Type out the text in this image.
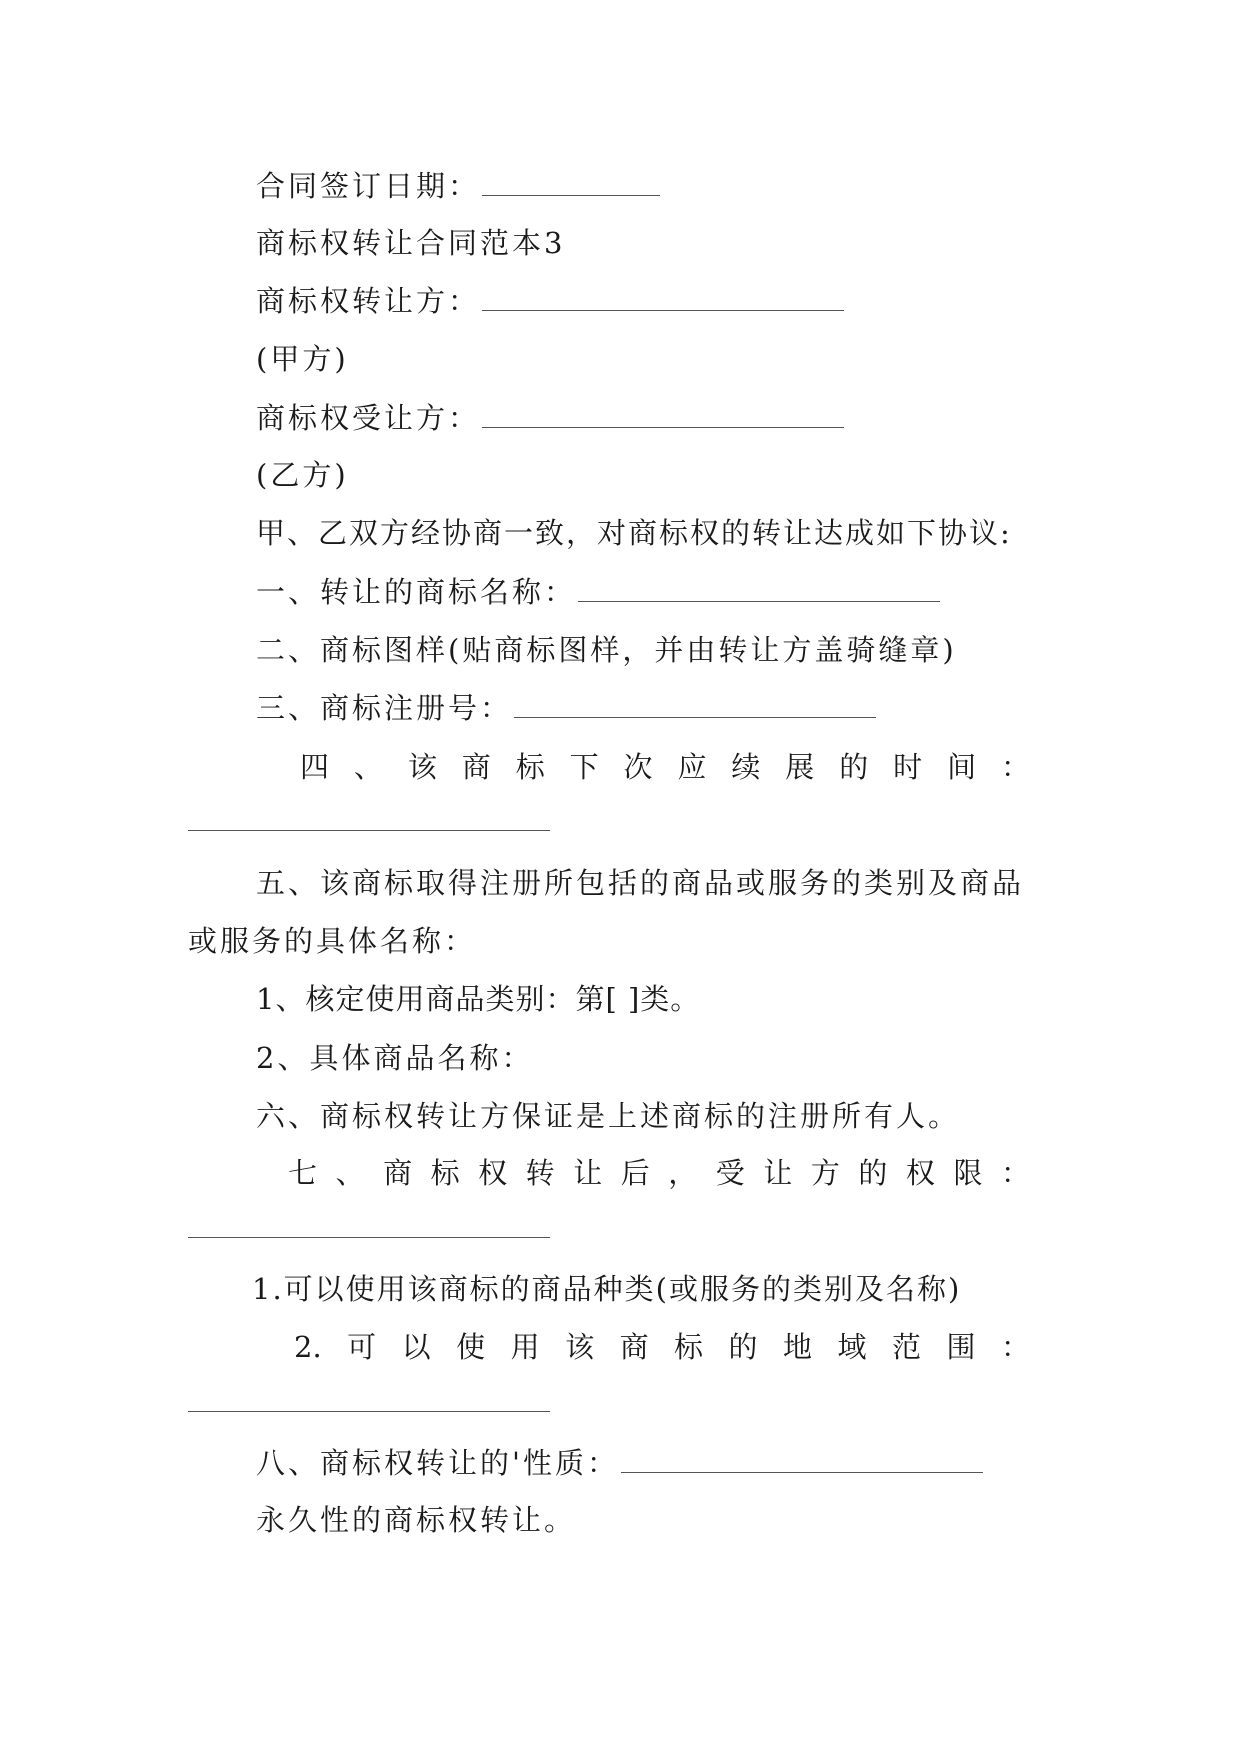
合同签订日期：
商标权转让合同范本3
商标权转让方：
(甲方)
商标权受让方：
(乙方)
甲、乙双方经协商一致，对商标权的转让达成如下协议:
一、转让的商标名称：
二、商标图样(贴商标图样，并由转让方盖骑缝章)
三、商标注册号：
四 、 该 商 标 下 次 应 续 展 的 时 间 ：
五、该商标取得注册所包括的商品或服务的类别及商品
或服务的具体名称：
1、核定使用商品类别：第[ ]类。
2、具体商品名称：
六、商标权转让方保证是上述商标的注册所有人。
七 、 商 标 权 转 让 后 ， 受 让 方 的 权 限 ：
1.可以使用该商标的商品种类(或服务的类别及名称)
2. 可 以 使 用 该 商 标 的 地 域 范 围 ：
八、商标权转让的'性质：
永久性的商标权转让。
